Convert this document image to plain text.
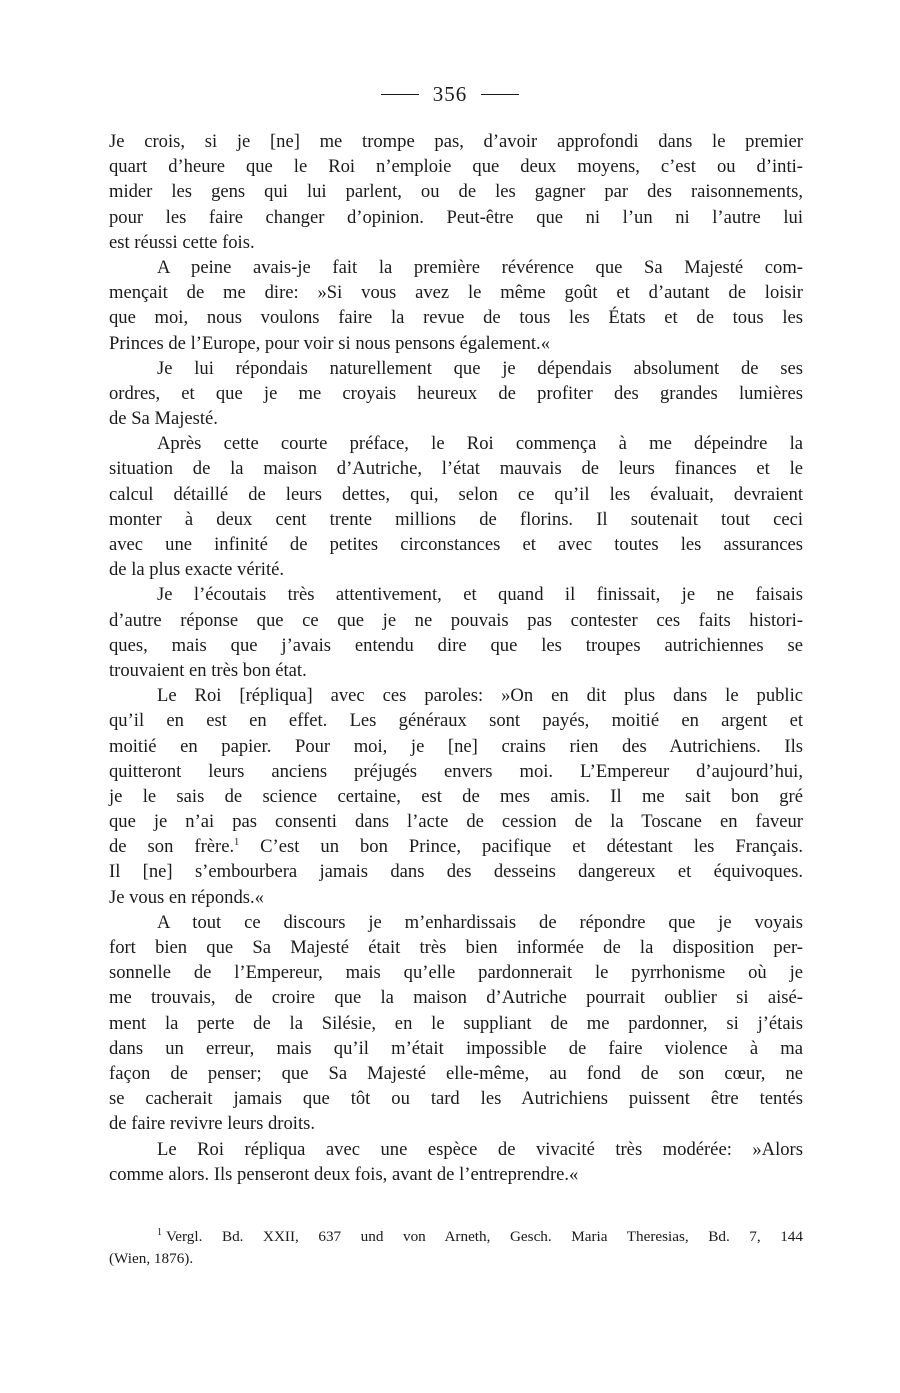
356
Je crois, si je [ne] me trompe pas, d’avoir approfondi dans le premier
quart d’heure que le Roi n’emploie que deux moyens, c’est ou d’inti-
mider les gens qui lui parlent, ou de les gagner par des raisonnements,
pour les faire changer d’opinion. Peut-être que ni l’un ni l’autre lui
est réussi cette fois.
A peine avais-je fait la première révérence que Sa Majesté com-
mençait de me dire: »Si vous avez le même goût et d’autant de loisir
que moi, nous voulons faire la revue de tous les États et de tous les
Princes de l’Europe, pour voir si nous pensons également.«
Je lui répondais naturellement que je dépendais absolument de ses
ordres, et que je me croyais heureux de profiter des grandes lumières
de Sa Majesté.
Après cette courte préface, le Roi commença à me dépeindre la
situation de la maison d’Autriche, l’état mauvais de leurs finances et le
calcul détaillé de leurs dettes, qui, selon ce qu’il les évaluait, devraient
monter à deux cent trente millions de florins. Il soutenait tout ceci
avec une infinité de petites circonstances et avec toutes les assurances
de la plus exacte vérité.
Je l’écoutais très attentivement, et quand il finissait, je ne faisais
d’autre réponse que ce que je ne pouvais pas contester ces faits histori-
ques, mais que j’avais entendu dire que les troupes autrichiennes se
trouvaient en très bon état.
Le Roi [répliqua] avec ces paroles: »On en dit plus dans le public
qu’il en est en effet. Les généraux sont payés, moitié en argent et
moitié en papier. Pour moi, je [ne] crains rien des Autrichiens. Ils
quitteront leurs anciens préjugés envers moi. L’Empereur d’aujourd’hui,
je le sais de science certaine, est de mes amis. Il me sait bon gré
que je n’ai pas consenti dans l’acte de cession de la Toscane en faveur
de son frère.$^1$ C’est un bon Prince, pacifique et détestant les Français.
Il [ne] s’embourbera jamais dans des desseins dangereux et équivoques.
Je vous en réponds.«
A tout ce discours je m’enhardissais de répondre que je voyais
fort bien que Sa Majesté était très bien informée de la disposition per-
sonnelle de l’Empereur, mais qu’elle pardonnerait le pyrrhonisme où je
me trouvais, de croire que la maison d’Autriche pourrait oublier si aisé-
ment la perte de la Silésie, en le suppliant de me pardonner, si j’étais
dans un erreur, mais qu’il m’était impossible de faire violence à ma
façon de penser; que Sa Majesté elle-même, au fond de son cœur, ne
se cacherait jamais que tôt ou tard les Autrichiens puissent être tentés
de faire revivre leurs droits.
Le Roi répliqua avec une espèce de vivacité très modérée: »Alors
comme alors. Ils penseront deux fois, avant de l’entreprendre.«
$^1$ Vergl. Bd. XXII, 637 und von Arneth, Gesch. Maria Theresias, Bd. 7, 144
(Wien, 1876).
